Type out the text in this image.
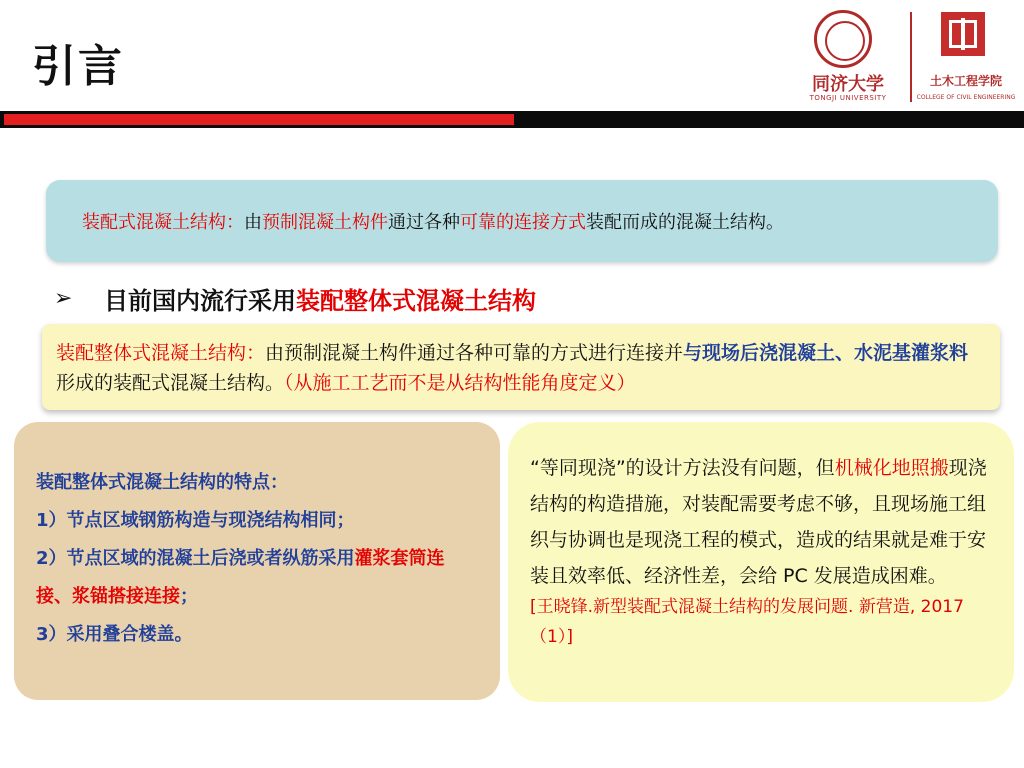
引言	同济大学
TONGJI UNIVERSITY
土木工程学院
COLLEGE OF CIVIL ENGINEERING
装配式混凝土结构：由预制混凝土构件通过各种可靠的连接方式装配而成的混凝土结构。
➢	目前国内流行采用 装配整体式混凝土结构
装配整体式混凝土结构：由预制混凝土构件通过各种可靠的方式进行连接并与现场后浇混凝土、水泥基灌浆料形成的装配式混凝土结构。（从施工工艺而不是从结构性能角度定义）
装配整体式混凝土结构的特点：
1）节点区域钢筋构造与现浇结构相同；
2）节点区域的混凝土后浇或者纵筋采用灌浆套筒连接、浆锚搭接连接；
3）采用叠合楼盖。
“等同现浇”的设计方法没有问题，但机械化地照搬现浇结构的构造措施，对装配需要考虑不够，且现场施工组织与协调也是现浇工程的模式，造成的结果就是难于安装且效率低、经济性差，会给 PC 发展造成困难。
[王晓锋.新型装配式混凝土结构的发展问题. 新营造, 2017（1）]
